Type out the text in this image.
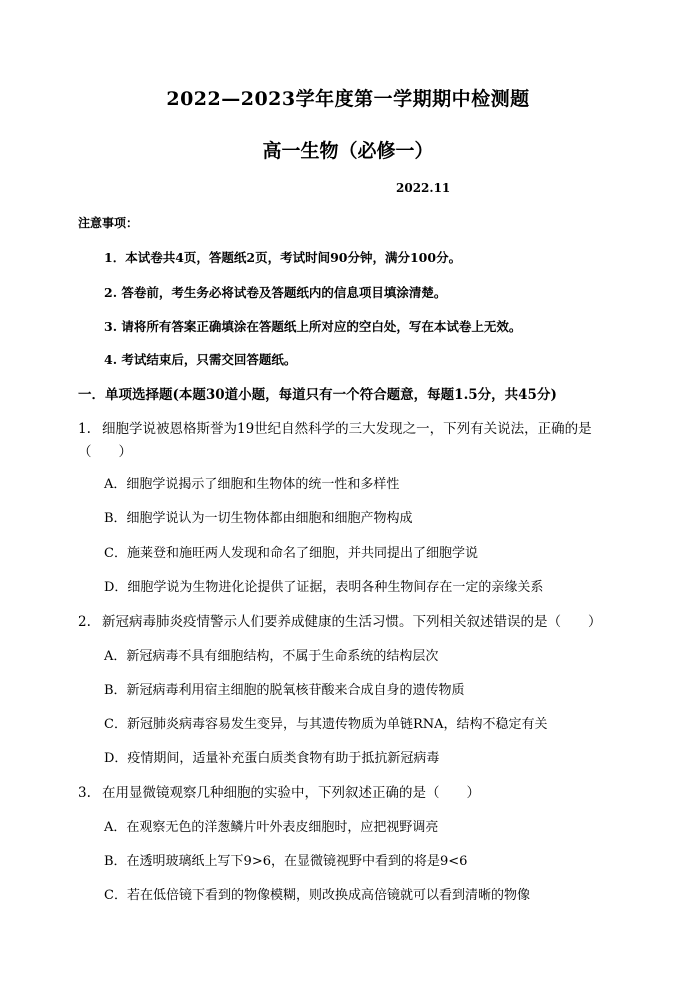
2022—2023学年度第一学期期中检测题
高一生物（必修一）
2022.11
注意事项：
1．本试卷共4页，答题纸2页，考试时间90分钟，满分100分。
2. 答卷前，考生务必将试卷及答题纸内的信息项目填涂清楚。
3. 请将所有答案正确填涂在答题纸上所对应的空白处，写在本试卷上无效。
4. 考试结束后，只需交回答题纸。
一．单项选择题(本题30道小题，每道只有一个符合题意，每题1.5分，共45分)
1. 细胞学说被恩格斯誉为19世纪自然科学的三大发现之一，下列有关说法，正确的是（　　）
A．细胞学说揭示了细胞和生物体的统一性和多样性
B．细胞学说认为一切生物体都由细胞和细胞产物构成
C．施莱登和施旺两人发现和命名了细胞，并共同提出了细胞学说
D．细胞学说为生物进化论提供了证据，表明各种生物间存在一定的亲缘关系
2. 新冠病毒肺炎疫情警示人们要养成健康的生活习惯。下列相关叙述错误的是（　　）
A．新冠病毒不具有细胞结构，不属于生命系统的结构层次
B．新冠病毒利用宿主细胞的脱氧核苷酸来合成自身的遗传物质
C．新冠肺炎病毒容易发生变异，与其遗传物质为单链RNA，结构不稳定有关
D．疫情期间，适量补充蛋白质类食物有助于抵抗新冠病毒
3. 在用显微镜观察几种细胞的实验中，下列叙述正确的是（　　）
A．在观察无色的洋葱鳞片叶外表皮细胞时，应把视野调亮
B．在透明玻璃纸上写下9>6，在显微镜视野中看到的将是9<6
C．若在低倍镜下看到的物像模糊，则改换成高倍镜就可以看到清晰的物像
